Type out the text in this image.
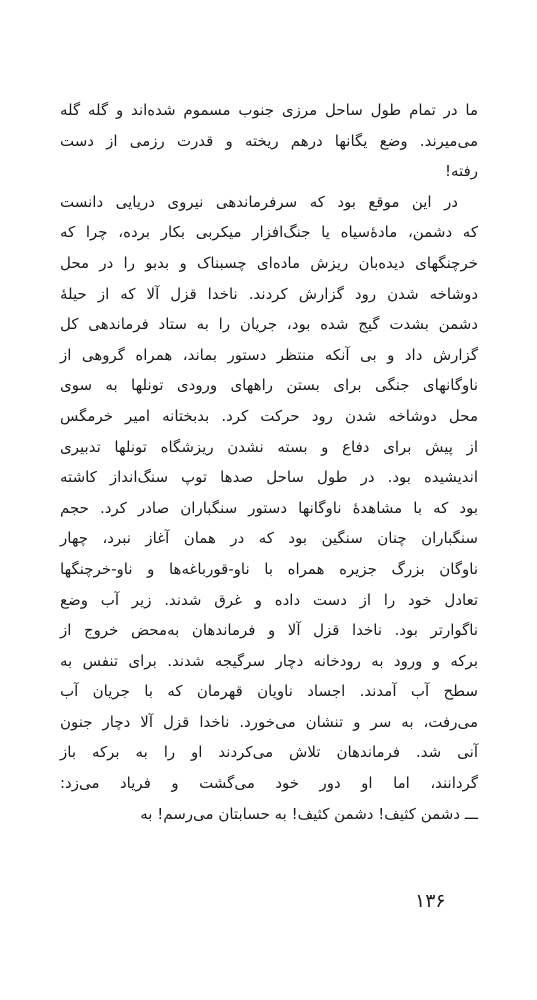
ما در تمام طول ساحل مرزی جنوب مسموم شده‌اند و گله گله
می‌میرند. وضع یگانها درهم ریخته و قدرت رزمی از دست
رفته!
در این موقع بود که سرفرماندهی نیروی دریایی دانست
که دشمن، مادهٔ‌سیاه یا جنگ‌افزار میکربی بکار برده، چرا که
خرچنگهای دیده‌بان ریزش ماده‌ای چسبناک و بدبو را در محل
دوشاخه شدن رود گزارش کردند. ناخدا قزل آلا که از حیلهٔ
دشمن بشدت گیج شده بود، جریان را به ستاد فرماندهی کل
گزارش داد و بی آنکه منتظر دستور بماند، همراه گروهی از
ناوگانهای جنگی برای بستن راههای ورودی تونلها به سوی
محل دوشاخه شدن رود حرکت کرد. بدبختانه امیر خرمگس
از پیش برای دفاع و بسته نشدن ریزشگاه تونلها تدبیری
اندیشیده بود. در طول ساحل صدها توپ سنگ‌انداز کاشته
بود که با مشاهدهٔ ناوگانها دستور سنگباران صادر کرد. حجم
سنگباران چنان سنگین بود که در همان آغاز نبرد، چهار
ناوگان بزرگ جزیره همراه با ناو-قورباغه‌ها و ناو-خرچنگها
تعادل خود را از دست داده و غرق شدند. زیر آب وضع
ناگوارتر بود. ناخدا قزل آلا و فرماندهان به‌محض خروج از
برکه و ورود به رودخانه دچار سرگیجه شدند. برای تنفس به
سطح آب آمدند. اجساد ناویان قهرمان که با جریان آب
می‌رفت، به سر و تنشان می‌خورد. ناخدا قزل آلا دچار جنون
آنی شد. فرماندهان تلاش می‌کردند او را به برکه باز
گردانند، اما او دور خود می‌گشت و فریاد می‌زد:
ـــ دشمن کثیف! دشمن کثیف! به حسابتان می‌رسم! به
۱۳۶
